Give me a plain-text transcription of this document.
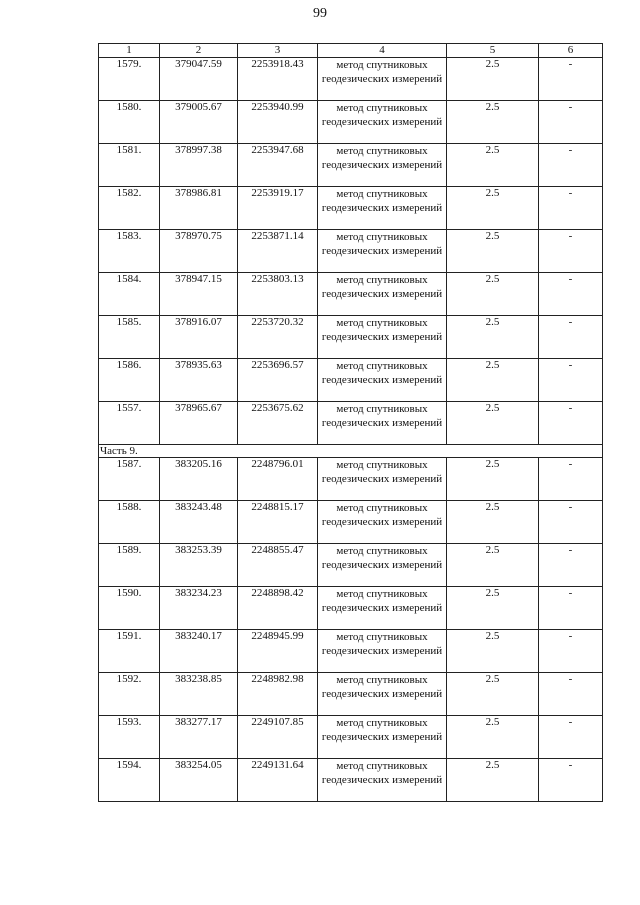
99
1	2	3	4	5	6
1579.	379047.59	2253918.43	метод спутниковых геодезических измерений	2.5	-
1580.	379005.67	2253940.99	метод спутниковых геодезических измерений	2.5	-
1581.	378997.38	2253947.68	метод спутниковых геодезических измерений	2.5	-
1582.	378986.81	2253919.17	метод спутниковых геодезических измерений	2.5	-
1583.	378970.75	2253871.14	метод спутниковых геодезических измерений	2.5	-
1584.	378947.15	2253803.13	метод спутниковых геодезических измерений	2.5	-
1585.	378916.07	2253720.32	метод спутниковых геодезических измерений	2.5	-
1586.	378935.63	2253696.57	метод спутниковых геодезических измерений	2.5	-
1557.	378965.67	2253675.62	метод спутниковых геодезических измерений	2.5	-
Часть 9.					
1587.	383205.16	2248796.01	метод спутниковых геодезических измерений	2.5	-
1588.	383243.48	2248815.17	метод спутниковых геодезических измерений	2.5	-
1589.	383253.39	2248855.47	метод спутниковых геодезических измерений	2.5	-
1590.	383234.23	2248898.42	метод спутниковых геодезических измерений	2.5	-
1591.	383240.17	2248945.99	метод спутниковых геодезических измерений	2.5	-
1592.	383238.85	2248982.98	метод спутниковых геодезических измерений	2.5	-
1593.	383277.17	2249107.85	метод спутниковых геодезических измерений	2.5	-
1594.	383254.05	2249131.64	метод спутниковых геодезических измерений	2.5	-
